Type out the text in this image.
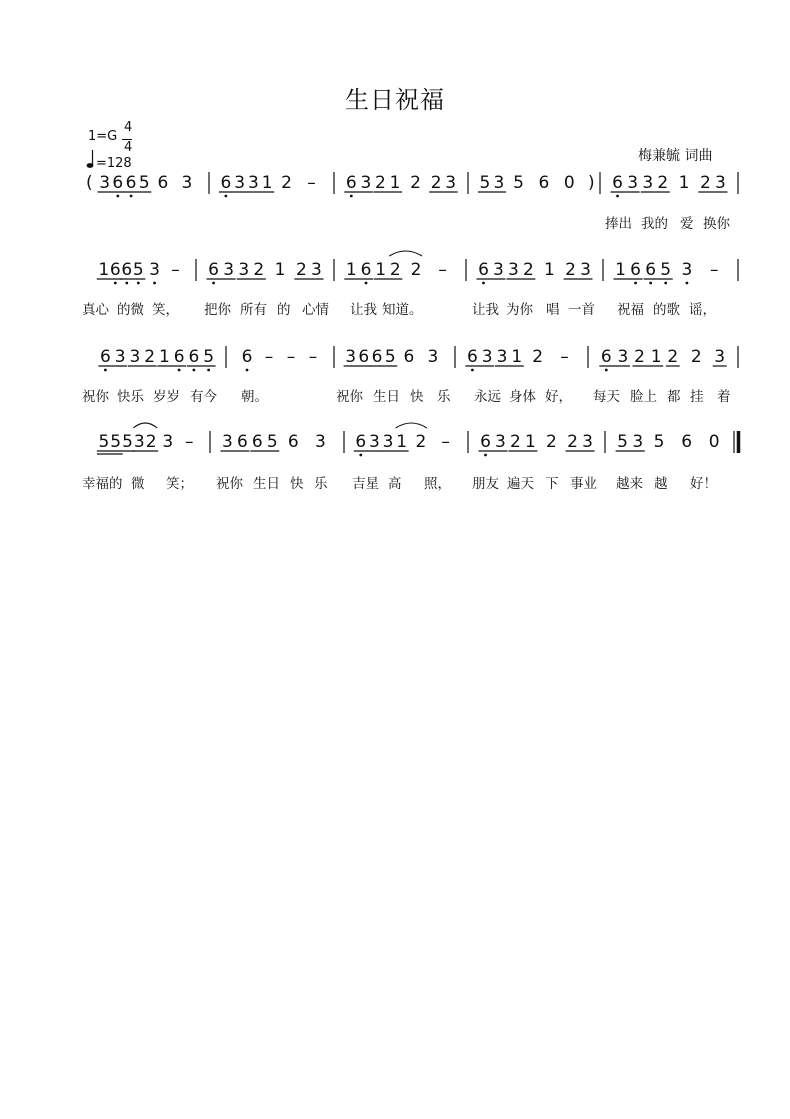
生日祝福
1=G
4
4
=128	梅兼毓 词曲
( 3 6 6 5 6 3 6 3 3 1 2 – 6 3 2 1 2 2 3 5 3 5 6 0 ) 6 3 3 2 1 2 3
捧出 我的 爱 换你
1 6 6 5 3 – 6 3 3 2 1 2 3 1 6 1 2 2 – 6 3 3 2 1 2 3 1 6 6 5 3 –
真心 的微 笑， 把你 所有 的 心情 让我 知道。	让我 为你 唱 一首 祝福 的歌 谣，
6 3 3 2 1 6 6 5 6 – – – 3 6 6 5 6 3 6 3 3 1 2 – 6 3 2 1 2 2 3
祝你 快乐 岁岁 有今 朝。	祝你 生日 快 乐 永远 身体 好， 每天 脸上 都 挂 着
5 5 5 3 2 3 – 3 6 6 5 6 3 6 3 3 1 2 – 6 3 2 1 2 2 3 5 3 5 6 0
幸福的 微 笑； 祝你 生日 快 乐 吉星 高 照， 朋友 遍天 下 事业 越来 越 好！
